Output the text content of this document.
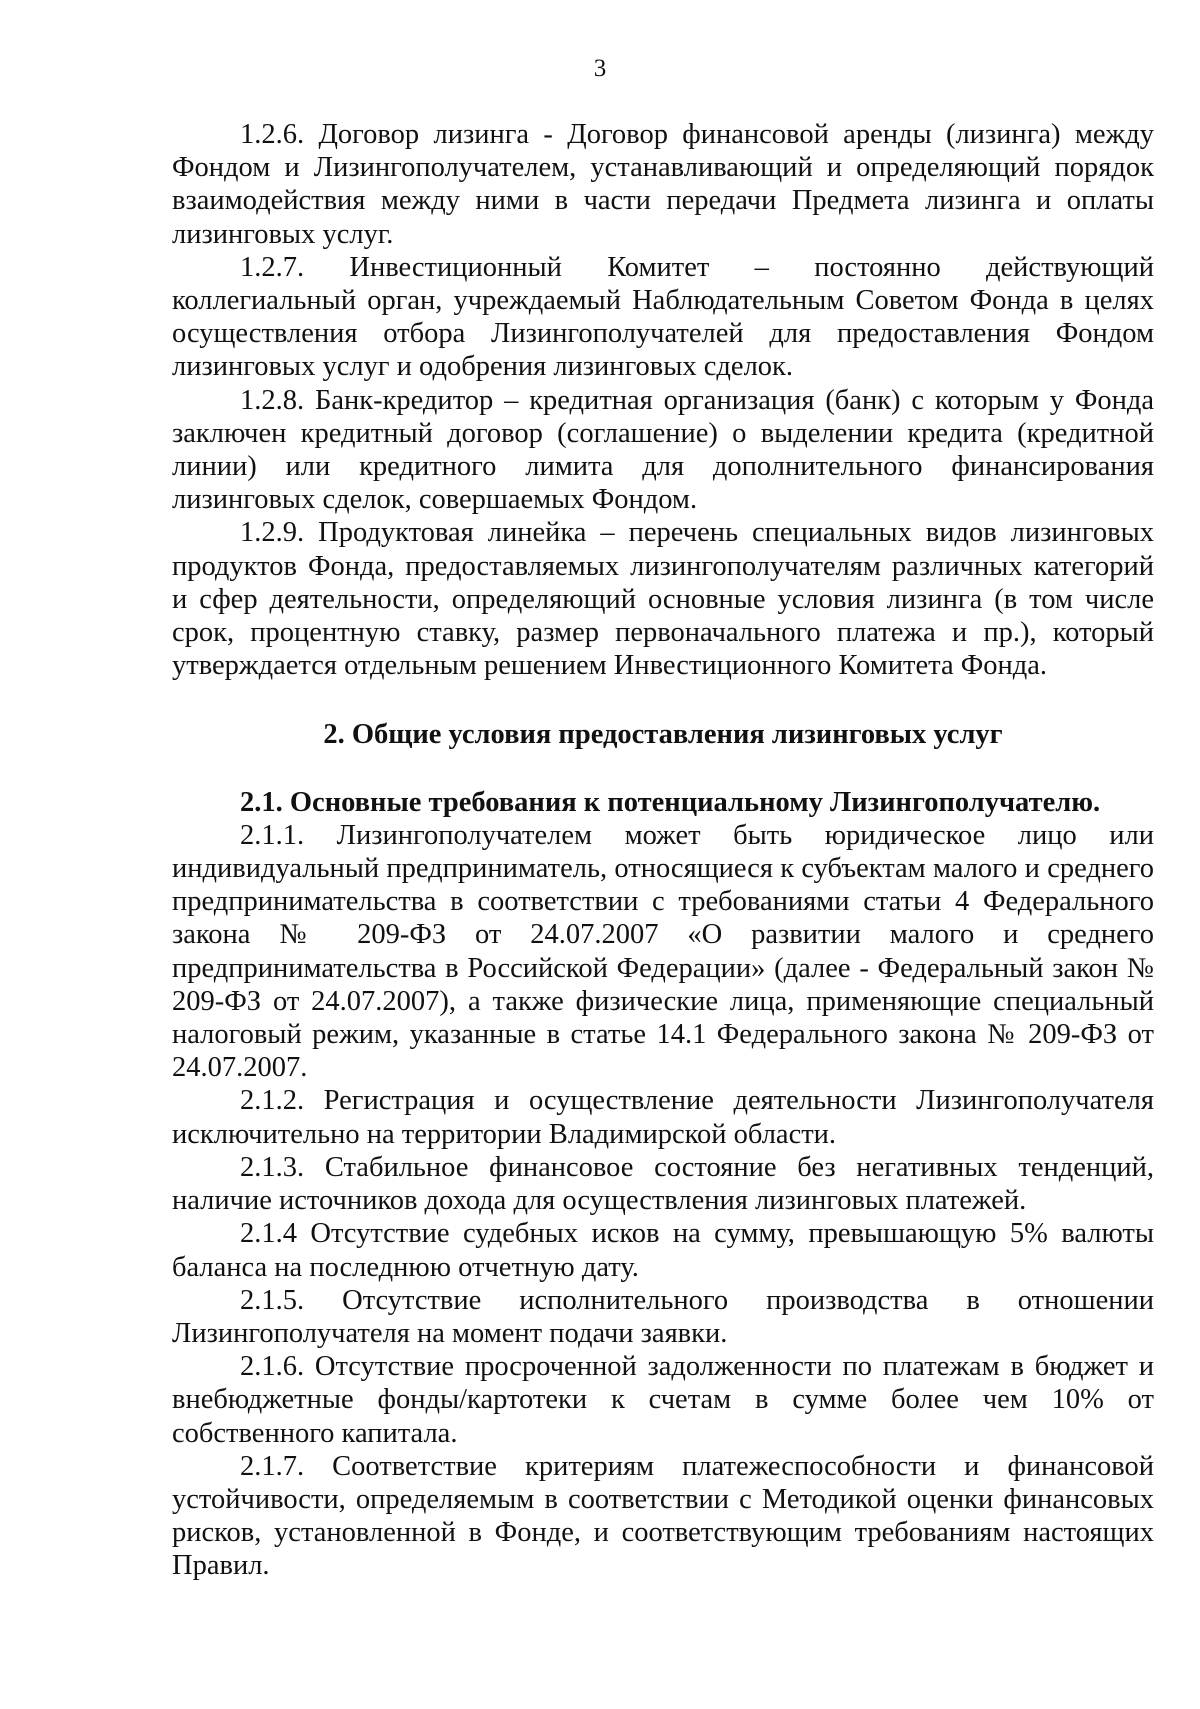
3

1.2.6. Договор лизинга - Договор финансовой аренды (лизинга) между Фондом и Лизингополучателем, устанавливающий и определяющий порядок взаимодействия между ними в части передачи Предмета лизинга и оплаты лизинговых услуг.

1.2.7. Инвестиционный Комитет – постоянно действующий коллегиальный орган, учреждаемый Наблюдательным Советом Фонда в целях осуществления отбора Лизингополучателей для предоставления Фондом лизинговых услуг и одобрения лизинговых сделок.

1.2.8. Банк-кредитор – кредитная организация (банк) с которым у Фонда заключен кредитный договор (соглашение) о выделении кредита (кредитной линии) или кредитного лимита для дополнительного финансирования лизинговых сделок, совершаемых Фондом.

1.2.9. Продуктовая линейка – перечень специальных видов лизинговых продуктов Фонда, предоставляемых лизингополучателям различных категорий и сфер деятельности, определяющий основные условия лизинга (в том числе срок, процентную ставку, размер первоначального платежа и пр.), который утверждается отдельным решением Инвестиционного Комитета Фонда.

2. Общие условия предоставления лизинговых услуг

2.1. Основные требования к потенциальному Лизингополучателю.

2.1.1. Лизингополучателем может быть юридическое лицо или индивидуальный предприниматель, относящиеся к субъектам малого и среднего предпринимательства в соответствии с требованиями статьи 4 Федерального закона № 209-ФЗ от 24.07.2007 «О развитии малого и среднего предпринимательства в Российской Федерации» (далее - Федеральный закон № 209-ФЗ от 24.07.2007), а также физические лица, применяющие специальный налоговый режим, указанные в статье 14.1 Федерального закона № 209-ФЗ от 24.07.2007.

2.1.2. Регистрация и осуществление деятельности Лизингополучателя исключительно на территории Владимирской области.

2.1.3. Стабильное финансовое состояние без негативных тенденций, наличие источников дохода для осуществления лизинговых платежей.

2.1.4 Отсутствие судебных исков на сумму, превышающую 5% валюты баланса на последнюю отчетную дату.

2.1.5. Отсутствие исполнительного производства в отношении Лизингополучателя на момент подачи заявки.

2.1.6. Отсутствие просроченной задолженности по платежам в бюджет и внебюджетные фонды/картотеки к счетам в сумме более чем 10% от собственного капитала.

2.1.7. Соответствие критериям платежеспособности и финансовой устойчивости, определяемым в соответствии с Методикой оценки финансовых рисков, установленной в Фонде, и соответствующим требованиям настоящих Правил.
